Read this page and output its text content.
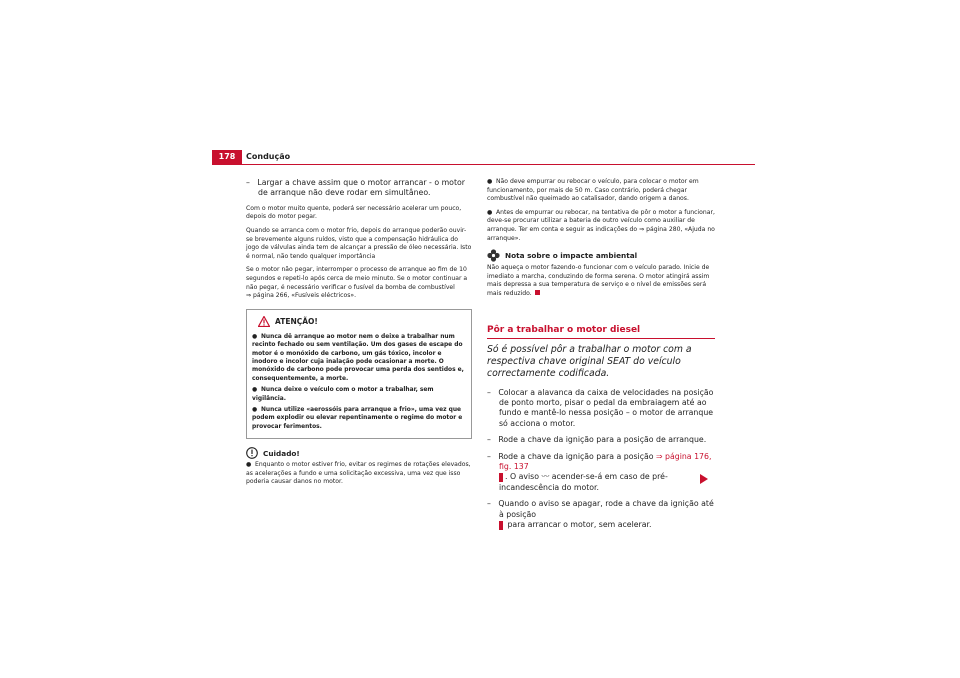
178	Condução

– Largar a chave assim que o motor arrancar - o motor de arranque não deve rodar em simultâneo.

Com o motor muito quente, poderá ser necessário acelerar um pouco, depois do motor pegar.

Quando se arranca com o motor frio, depois do arranque poderão ouvir-se brevemente alguns ruídos, visto que a compensação hidráulica do jogo de válvulas ainda tem de alcançar a pressão de óleo necessária. Isto é normal, não tendo qualquer importância

Se o motor não pegar, interromper o processo de arranque ao fim de 10 segundos e repeti-lo após cerca de meio minuto. Se o motor continuar a não pegar, é necessário verificar o fusível da bomba de combustível
⇒ página 266, «Fusíveis eléctricos».

ATENÇÃO!

● Nunca dê arranque ao motor nem o deixe a trabalhar num recinto fechado ou sem ventilação. Um dos gases de escape do motor é o monóxido de carbono, um gás tóxico, incolor e inodoro e incolor cuja inalação pode ocasionar a morte. O monóxido de carbono pode provocar uma perda dos sentidos e, consequentemente, a morte.

● Nunca deixe o veículo com o motor a trabalhar, sem vigilância.

● Nunca utilize «aerossóis para arranque a frio», uma vez que podem explodir ou elevar repentinamente o regime do motor e provocar ferimentos.

Cuidado!

● Enquanto o motor estiver frio, evitar os regimes de rotações elevados, as acelerações a fundo e uma solicitação excessiva, uma vez que isso poderia causar danos no motor.

● Não deve empurrar ou rebocar o veículo, para colocar o motor em funcionamento, por mais de 50 m. Caso contrário, poderá chegar combustível não queimado ao catalisador, dando origem a danos.

● Antes de empurrar ou rebocar, na tentativa de pôr o motor a funcionar, deve-se procurar utilizar a bateria de outro veículo como auxiliar de arranque. Ter em conta e seguir as indicações do ⇒ página 280, «Ajuda no arranque».

Nota sobre o impacte ambiental

Não aqueça o motor fazendo-o funcionar com o veículo parado. Inicie de imediato a marcha, conduzindo de forma serena. O motor atingirá assim mais depressa a sua temperatura de serviço e o nível de emissões será mais reduzido.

Pôr a trabalhar o motor diesel

Só é possível pôr a trabalhar o motor com a respectiva chave original SEAT do veículo correctamente codificada.

– Colocar a alavanca da caixa de velocidades na posição de ponto morto, pisar o pedal da embraiagem até ao fundo e mantê-lo nessa posição – o motor de arranque só acciona o motor.

– Rode a chave da ignição para a posição de arranque.

– Rode a chave da ignição para a posição ⇒ página 176, fig. 137
A1 . O aviso 〰 acender-se-á em caso de pré-incandescência do motor.

– Quando o aviso se apagar, rode a chave da ignição até à posição
A2 para arrancar o motor, sem acelerar.
